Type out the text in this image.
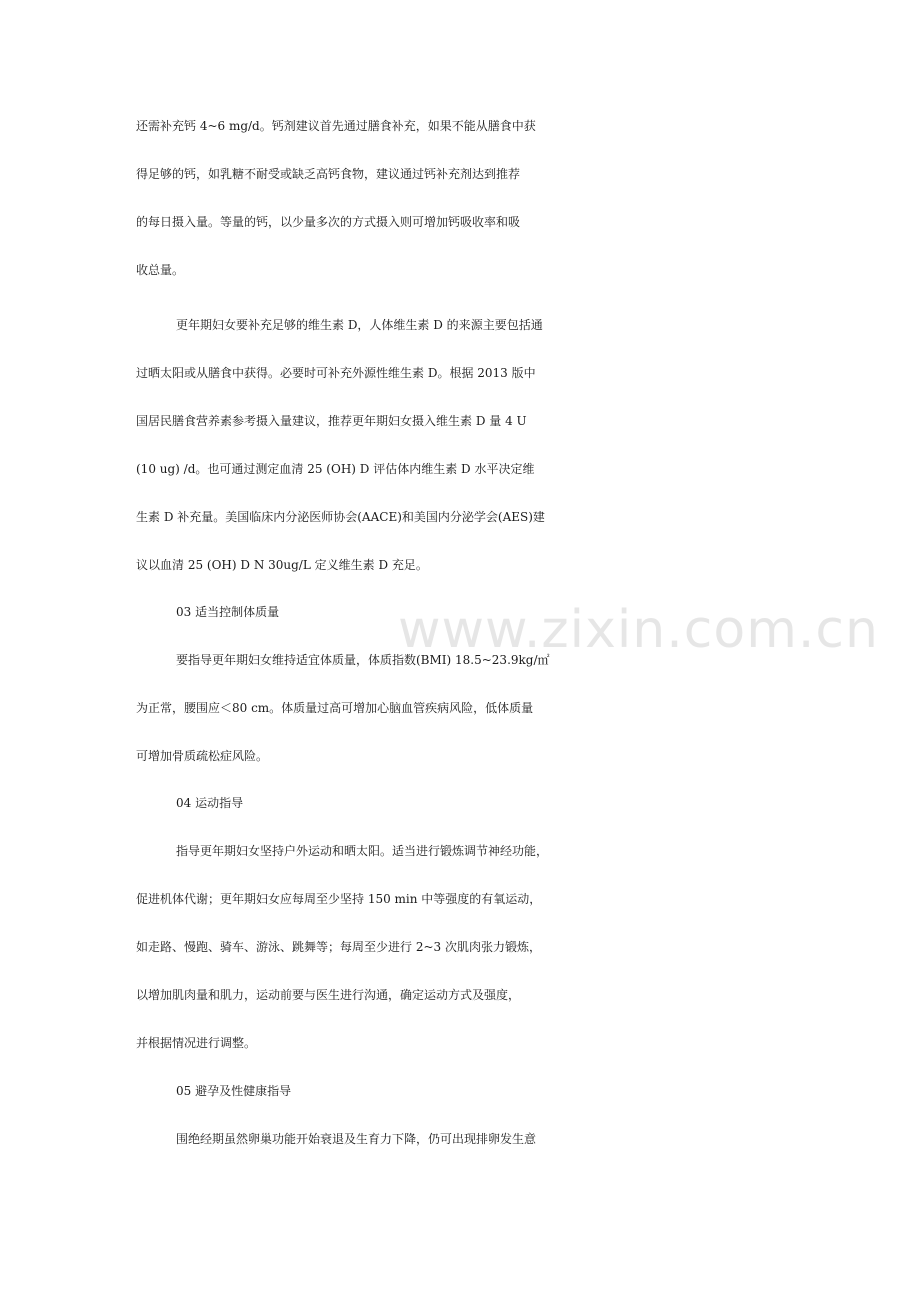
www.zixin.com.cn
还需补充钙 4~6 mg/d。钙剂建议首先通过膳食补充，如果不能从膳食中获
得足够的钙，如乳糖不耐受或缺乏高钙食物，建议通过钙补充剂达到推荐
的每日摄入量。等量的钙，以少量多次的方式摄入则可增加钙吸收率和吸
收总量。
更年期妇女要补充足够的维生素 D，人体维生素 D 的来源主要包括通
过晒太阳或从膳食中获得。必要时可补充外源性维生素 D。根据 2013 版中
国居民膳食营养素参考摄入量建议，推荐更年期妇女摄入维生素 D 量 4 U
(10 ug) /d。也可通过测定血清 25 (OH) D 评估体内维生素 D 水平决定维
生素 D 补充量。美国临床内分泌医师协会(AACE)和美国内分泌学会(AES)建
议以血清 25 (OH) D N 30ug/L 定义维生素 D 充足。
03 适当控制体质量
要指导更年期妇女维持适宜体质量，体质指数(BMI) 18.5~23.9kg/㎡
为正常，腰围应＜80 cm。体质量过高可增加心脑血管疾病风险，低体质量
可增加骨质疏松症风险。
04 运动指导
指导更年期妇女坚持户外运动和晒太阳。适当进行锻炼调节神经功能，
促进机体代谢；更年期妇女应每周至少坚持 150 min 中等强度的有氧运动，
如走路、慢跑、骑车、游泳、跳舞等；每周至少进行 2~3 次肌肉张力锻炼，
以增加肌肉量和肌力，运动前要与医生进行沟通，确定运动方式及强度，
并根据情况进行调整。
05 避孕及性健康指导
围绝经期虽然卵巢功能开始衰退及生育力下降，仍可出现排卵发生意
